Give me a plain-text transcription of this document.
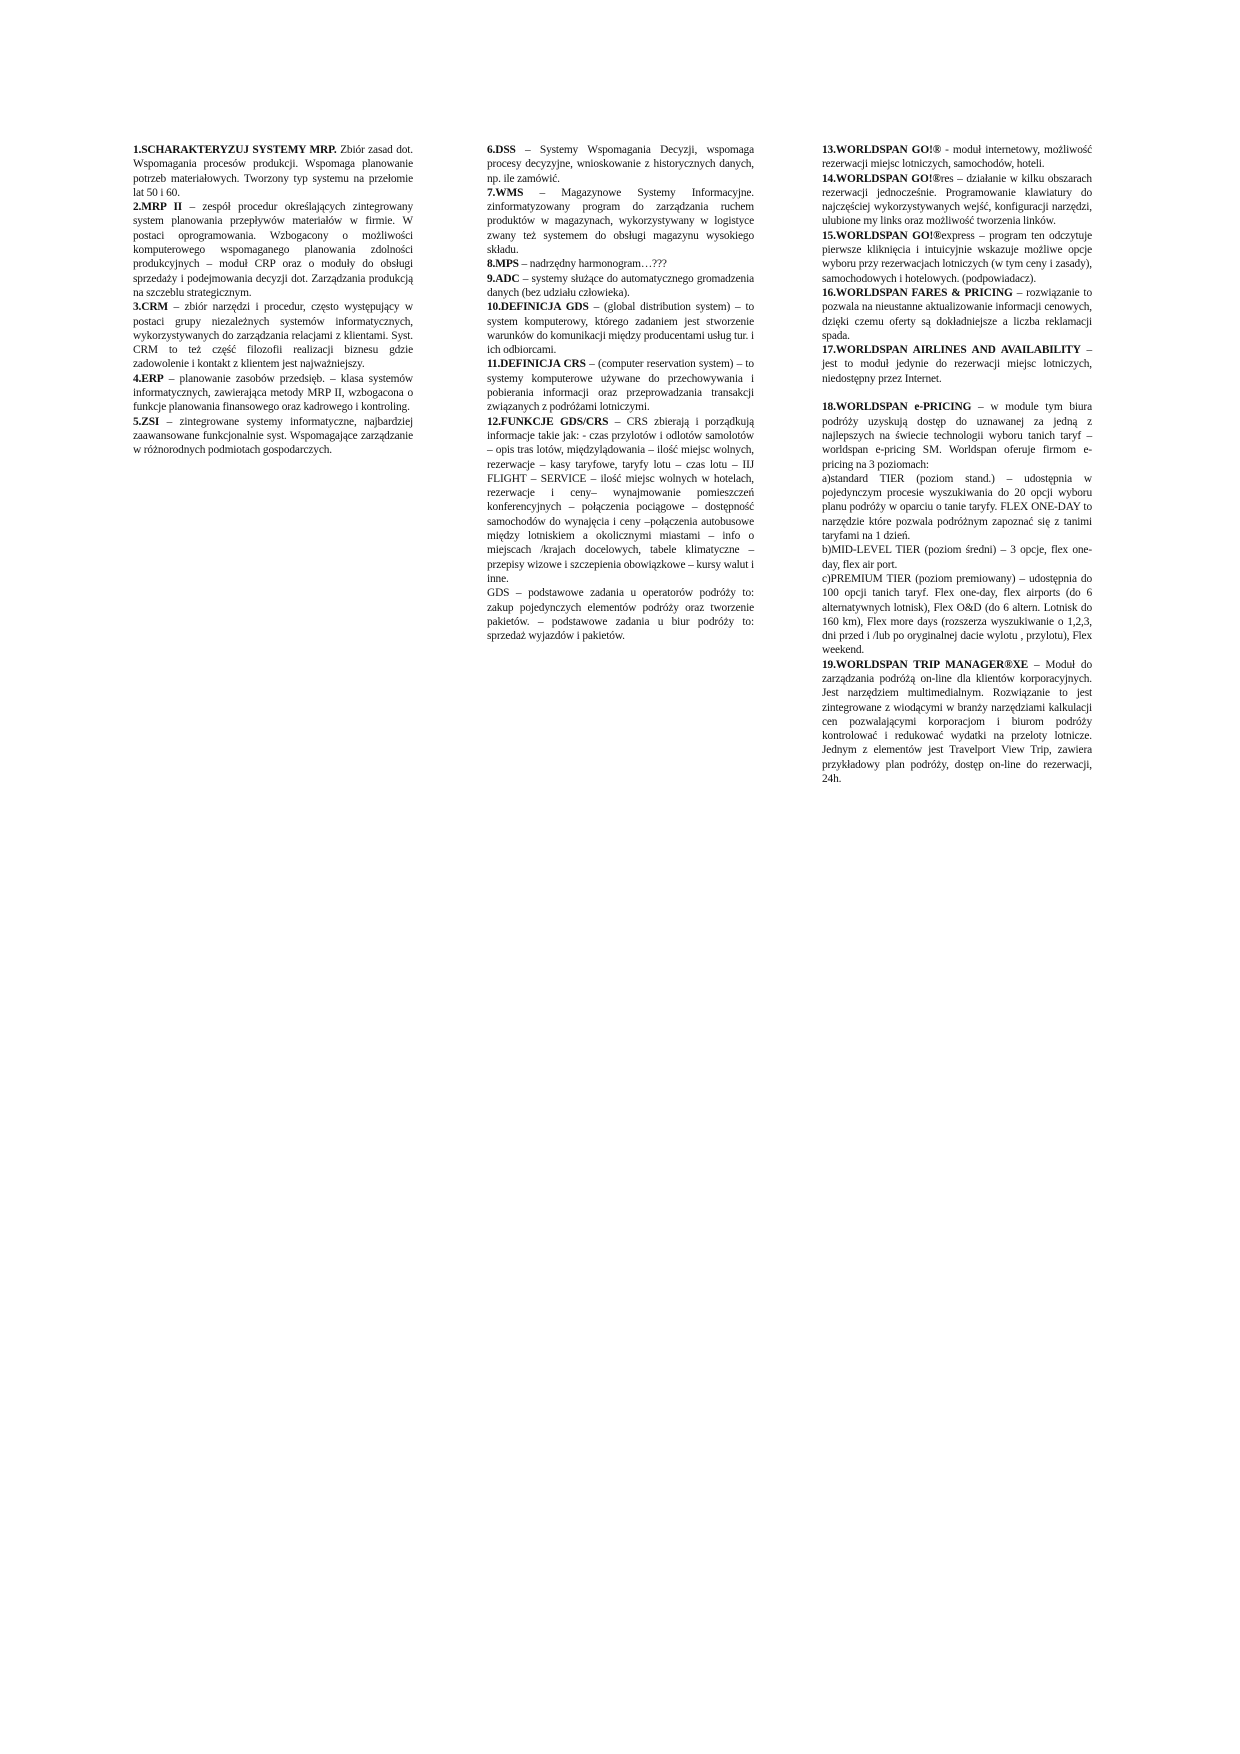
1.SCHARAKTERYZUJ SYSTEMY MRP. Zbiór zasad dot. Wspomagania procesów produkcji. Wspomaga planowanie potrzeb materiałowych. Tworzony typ systemu na przełomie lat 50 i 60.

2.MRP II – zespół procedur określających zintegrowany system planowania przepływów materiałów w firmie. W postaci oprogramowania. Wzbogacony o możliwości komputerowego wspomaganego planowania zdolności produkcyjnych – moduł CRP oraz o moduły do obsługi sprzedaży i podejmowania decyzji dot. Zarządzania produkcją na szczeblu strategicznym.

3.CRM – zbiór narzędzi i procedur, często występujący w postaci grupy niezależnych systemów informatycznych, wykorzystywanych do zarządzania relacjami z klientami. Syst. CRM to też część filozofii realizacji biznesu gdzie zadowolenie i kontakt z klientem jest najważniejszy.

4.ERP – planowanie zasobów przedsięb. – klasa systemów informatycznych, zawierająca metody MRP II, wzbogacona o funkcje planowania finansowego oraz kadrowego i kontroling.

5.ZSI – zintegrowane systemy informatyczne, najbardziej zaawansowane funkcjonalnie syst. Wspomagające zarządzanie w różnorodnych podmiotach gospodarczych.

6.DSS – Systemy Wspomagania Decyzji, wspomaga procesy decyzyjne, wnioskowanie z historycznych danych, np. ile zamówić.

7.WMS – Magazynowe Systemy Informacyjne. zinformatyzowany program do zarządzania ruchem produktów w magazynach, wykorzystywany w logistyce zwany też systemem do obsługi magazynu wysokiego składu.

8.MPS – nadrzędny harmonogram…???

9.ADC – systemy służące do automatycznego gromadzenia danych (bez udziału człowieka).

10.DEFINICJA GDS – (global distribution system) – to system komputerowy, którego zadaniem jest stworzenie warunków do komunikacji między producentami usług tur. i ich odbiorcami.

11.DEFINICJA CRS – (computer reservation system) – to systemy komputerowe używane do przechowywania i pobierania informacji oraz przeprowadzania transakcji związanych z podróżami lotniczymi.

12.FUNKCJE GDS/CRS – CRS zbierają i porządkują informacje takie jak: - czas przylotów i odlotów samolotów – opis tras lotów, międzylądowania – ilość miejsc wolnych, rezerwacje – kasy taryfowe, taryfy lotu – czas lotu – IIJ FLIGHT – SERVICE – ilość miejsc wolnych w hotelach, rezerwacje i ceny– wynajmowanie pomieszczeń konferencyjnych – połączenia pociągowe – dostępność samochodów do wynajęcia i ceny –połączenia autobusowe między lotniskiem a okolicznymi miastami – info o miejscach /krajach docelowych, tabele klimatyczne – przepisy wizowe i szczepienia obowiązkowe – kursy walut i inne.

GDS – podstawowe zadania u operatorów podróży to: zakup pojedynczych elementów podróży oraz tworzenie pakietów. – podstawowe zadania u biur podróży to: sprzedaż wyjazdów i pakietów.

13.WORLDSPAN GO!® - moduł internetowy, możliwość rezerwacji miejsc lotniczych, samochodów, hoteli.

14.WORLDSPAN GO!®res – działanie w kilku obszarach rezerwacji jednocześnie. Programowanie klawiatury do najczęściej wykorzystywanych wejść, konfiguracji narzędzi, ulubione my links oraz możliwość tworzenia linków.

15.WORLDSPAN GO!®express – program ten odczytuje pierwsze kliknięcia i intuicyjnie wskazuje możliwe opcje wyboru przy rezerwacjach lotniczych (w tym ceny i zasady), samochodowych i hotelowych. (podpowiadacz).

16.WORLDSPAN FARES & PRICING – rozwiązanie to pozwala na nieustanne aktualizowanie informacji cenowych, dzięki czemu oferty są dokładniejsze a liczba reklamacji spada.

17.WORLDSPAN AIRLINES AND AVAILABILITY – jest to moduł jedynie do rezerwacji miejsc lotniczych, niedostępny przez Internet.

18.WORLDSPAN e-PRICING – w module tym biura podróży uzyskują dostęp do uznawanej za jedną z najlepszych na świecie technologii wyboru tanich taryf – worldspan e-pricing SM. Worldspan oferuje firmom e-pricing na 3 poziomach:

a)standard TIER (poziom stand.) – udostępnia w pojedynczym procesie wyszukiwania do 20 opcji wyboru planu podróży w oparciu o tanie taryfy. FLEX ONE-DAY to narzędzie które pozwala podróżnym zapoznać się z tanimi taryfami na 1 dzień.

b)MID-LEVEL TIER (poziom średni) – 3 opcje, flex one-day, flex air port.

c)PREMIUM TIER (poziom premiowany) – udostępnia do 100 opcji tanich taryf. Flex one-day, flex airports (do 6 alternatywnych lotnisk), Flex O&D (do 6 altern. Lotnisk do 160 km), Flex more days (rozszerza wyszukiwanie o 1,2,3, dni przed i /lub po oryginalnej dacie wylotu , przylotu), Flex weekend.

19.WORLDSPAN TRIP MANAGER®XE – Moduł do zarządzania podróżą on-line dla klientów korporacyjnych. Jest narzędziem multimedialnym. Rozwiązanie to jest zintegrowane z wiodącymi w branży narzędziami kalkulacji cen pozwalającymi korporacjom i biurom podróży kontrolować i redukować wydatki na przeloty lotnicze. Jednym z elementów jest Travelport View Trip, zawiera przykładowy plan podróży, dostęp on-line do rezerwacji, 24h.
